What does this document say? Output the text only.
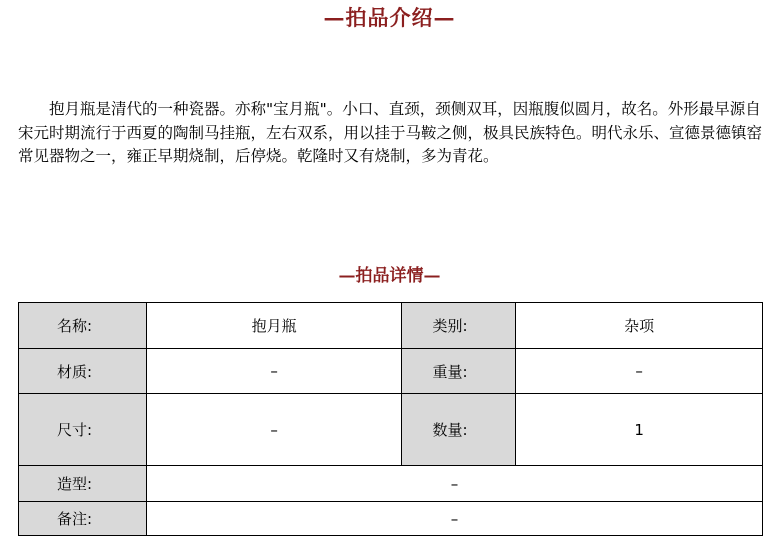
—拍品介绍—
抱月瓶是清代的一种瓷器。亦称"宝月瓶"。小口、直颈，颈侧双耳，因瓶腹似圆月，故名。外形最早源自宋元时期流行于西夏的陶制马挂瓶，左右双系，用以挂于马鞍之侧，极具民族特色。明代永乐、宣德景德镇窑常见器物之一，雍正早期烧制，后停烧。乾隆时又有烧制，多为青花。
—拍品详情—
名称:	抱月瓶	类别:	杂项
材质:	–	重量:	–
尺寸:	–	数量:	1
造型:	–		
备注:	–		
